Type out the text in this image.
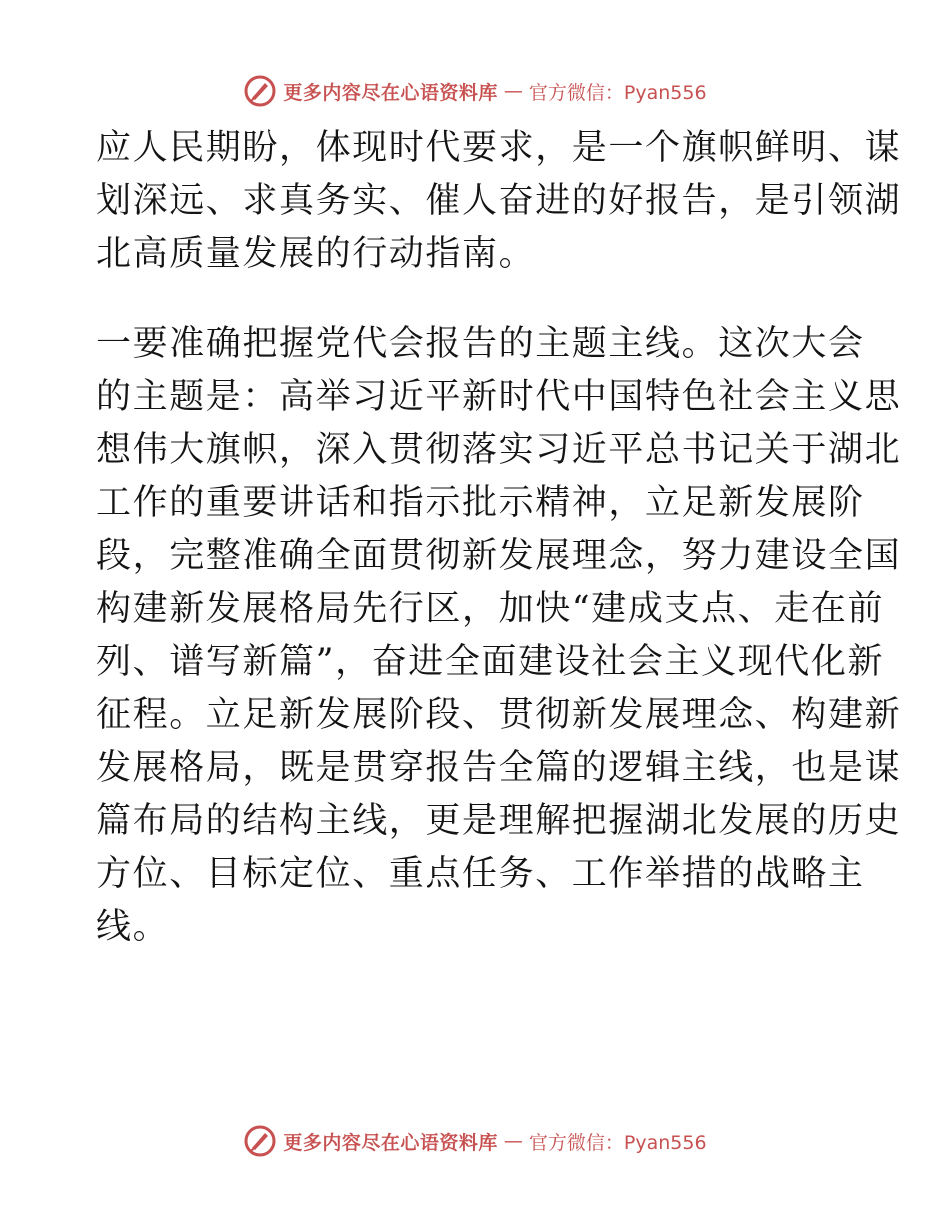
更多内容尽在心语资料库 — 官方微信：Pyan556
应人民期盼，体现时代要求，是一个旗帜鲜明、谋
划深远、求真务实、催人奋进的好报告，是引领湖
北高质量发展的行动指南。
一要准确把握党代会报告的主题主线。这次大会
的主题是：高举习近平新时代中国特色社会主义思
想伟大旗帜，深入贯彻落实习近平总书记关于湖北
工作的重要讲话和指示批示精神，立足新发展阶
段，完整准确全面贯彻新发展理念，努力建设全国
构建新发展格局先行区，加快“建成支点、走在前
列、谱写新篇”，奋进全面建设社会主义现代化新
征程。立足新发展阶段、贯彻新发展理念、构建新
发展格局，既是贯穿报告全篇的逻辑主线，也是谋
篇布局的结构主线，更是理解把握湖北发展的历史
方位、目标定位、重点任务、工作举措的战略主
线。
更多内容尽在心语资料库 — 官方微信：Pyan556
